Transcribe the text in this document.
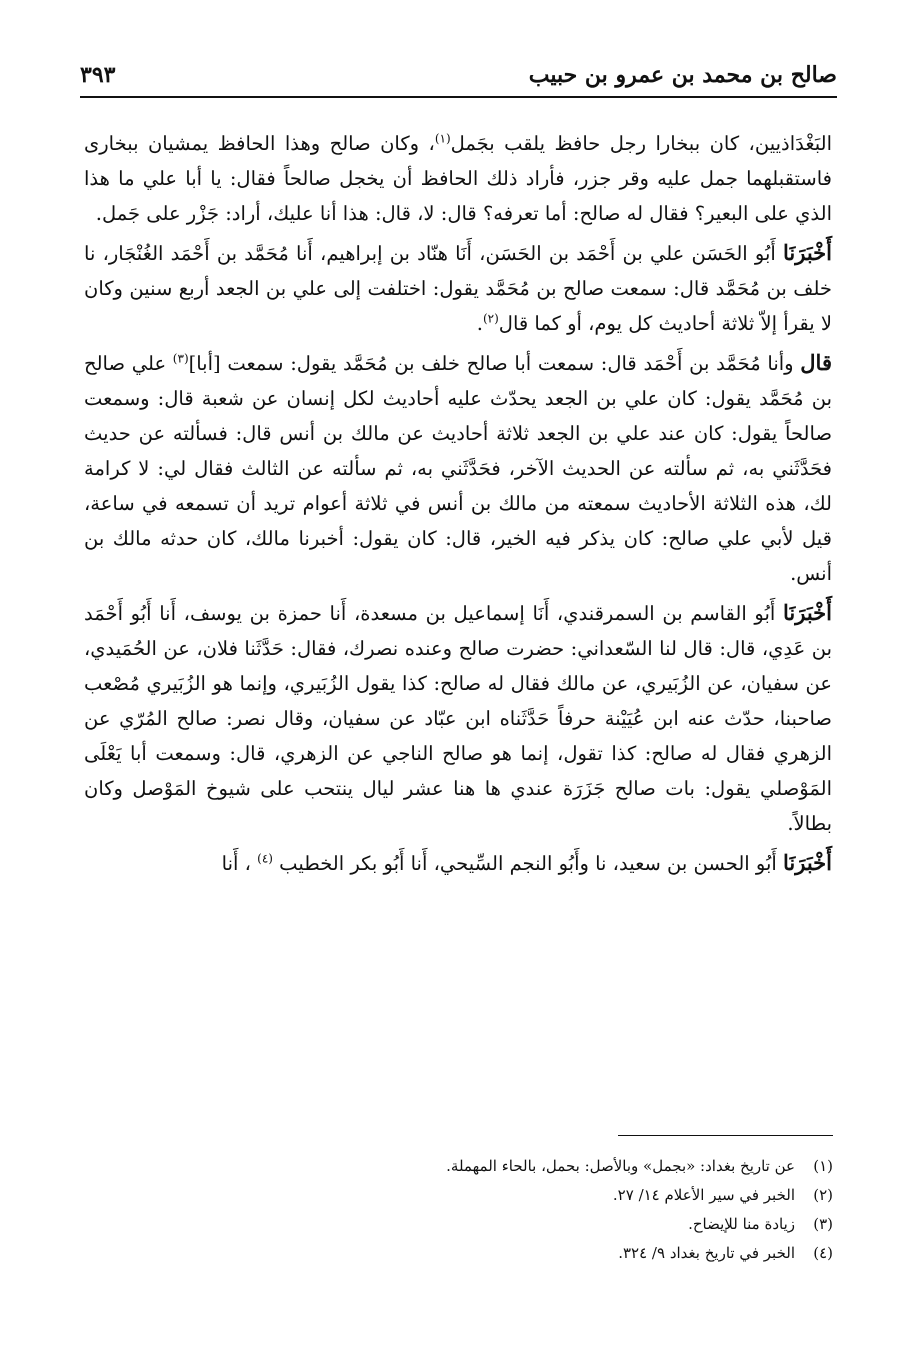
صالح بن محمد بن عمرو بن حبيب
٣٩٣

البَغْدَاذيين، كان ببخارا رجل حافظ يلقب بجَمل$^{(١)}$، وكان صالح وهذا الحافظ يمشيان ببخارى فاستقبلهما جمل عليه وقر جزر، فأراد ذلك الحافظ أن يخجل صالحاً فقال: يا أبا علي ما هذا الذي على البعير؟ فقال له صالح: أما تعرفه؟ قال: لا، قال: هذا أنا عليك، أراد: جَزْر على جَمل.

أَخْبَرَنَا أَبُو الحَسَن علي بن أَحْمَد بن الحَسَن، أَنَا هنّاد بن إبراهيم، أَنا مُحَمَّد بن أَحْمَد الغُنْجَار، نا خلف بن مُحَمَّد قال: سمعت صالح بن مُحَمَّد يقول: اختلفت إلى علي بن الجعد أربع سنين وكان لا يقرأ إلاّ ثلاثة أحاديث كل يوم، أو كما قال$^{(٢)}$.

قال وأنا مُحَمَّد بن أَحْمَد قال: سمعت أبا صالح خلف بن مُحَمَّد يقول: سمعت [أبا]$^{(٣)}$ علي صالح بن مُحَمَّد يقول: كان علي بن الجعد يحدّث عليه أحاديث لكل إنسان عن شعبة قال: وسمعت صالحاً يقول: كان عند علي بن الجعد ثلاثة أحاديث عن مالك بن أنس قال: فسألته عن حديث فحَدَّثَني به، ثم سألته عن الحديث الآخر، فحَدَّثَني به، ثم سألته عن الثالث فقال لي: لا كرامة لك، هذه الثلاثة الأحاديث سمعته من مالك بن أنس في ثلاثة أعوام تريد أن تسمعه في ساعة، قيل لأبي علي صالح: كان يذكر فيه الخير، قال: كان يقول: أخبرنا مالك، كان حدثه مالك بن أنس.

أَخْبَرَنَا أَبُو القاسم بن السمرقندي، أَنَا إسماعيل بن مسعدة، أَنا حمزة بن يوسف، أَنا أَبُو أَحْمَد بن عَدِي، قال: قال لنا السّعداني: حضرت صالح وعنده نصرك، فقال: حَدَّثَنا فلان، عن الحُمَيدي، عن سفيان، عن الزُبَيري، عن مالك فقال له صالح: كذا يقول الزُبَيري، وإنما هو الزُبَيري مُصْعب صاحبنا، حدّث عنه ابن عُيَيْنة حرفاً حَدَّثَناه ابن عبّاد عن سفيان، وقال نصر: صالح المُرّي عن الزهري فقال له صالح: كذا تقول، إنما هو صالح الناجي عن الزهري، قال: وسمعت أبا يَعْلَى المَوْصلي يقول: بات صالح جَزَرَة عندي ها هنا عشر ليال ينتحب على شيوخ المَوْصل وكان بطالاً.

أَخْبَرَنَا أَبُو الحسن بن سعيد، نا وأَبُو النجم السِّيحي، أَنا أَبُو بكر الخطيب $^{(٤)}$ ، أَنا

(١)عن تاريخ بغداد: «بجمل» وبالأصل: بحمل، بالحاء المهملة.

(٢)الخبر في سير الأعلام ١٤/ ٢٧.

(٣)زيادة منا للإيضاح.

(٤)الخبر في تاريخ بغداد ٩/ ٣٢٤.
